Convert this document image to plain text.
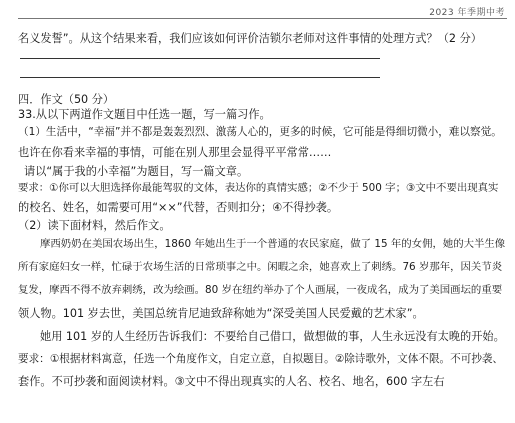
2023 年季期中考
名义发誓”。从这个结果来看，我们应该如何评价洁锁尔老师对这件事情的处理方式？（2 分）
四．作文（50 分）
33.从以下两道作文题目中任选一题，写一篇习作。
（1）生活中，“幸福”并不都是轰轰烈烈、激荡人心的，更多的时候，它可能是得细切微小，难以察觉。
也许在你看来幸福的事情，可能在别人那里会显得平平常常……
请以“属于我的小幸福”为题目，写一篇文章。
要求：①你可以大胆选择你最能驾驭的文体，表达你的真情实感；②不少于 500 字；③文中不要出现真实
的校名、姓名，如需要可用“××”代替，否则扣分；④不得抄袭。
（2）读下面材料，然后作文。
摩西奶奶在美国农场出生，1860 年她出生于一个普通的农民家庭，做了 15 年的女佣，她的大半生像
所有家庭妇女一样，忙碌于农场生活的日常琐事之中。闲暇之余，她喜欢上了刺绣。76 岁那年，因关节炎
复发，摩西不得不放弃刺绣，改为绘画。80 岁在纽约举办了个人画展，一夜成名，成为了美国画坛的重要
领人物。101 岁去世，美国总统肯尼迪致辞称她为“深受美国人民爱戴的艺术家”。
她用 101 岁的人生经历告诉我们：不要给自己借口，做想做的事，人生永远没有太晚的开始。
要求：①根据材料寓意，任选一个角度作文，自定立意，自拟题目。②除诗歌外，文体不限。不可抄袭、
套作。不可抄袭和面阅读材料。③文中不得出现真实的人名、校名、地名，600 字左右
